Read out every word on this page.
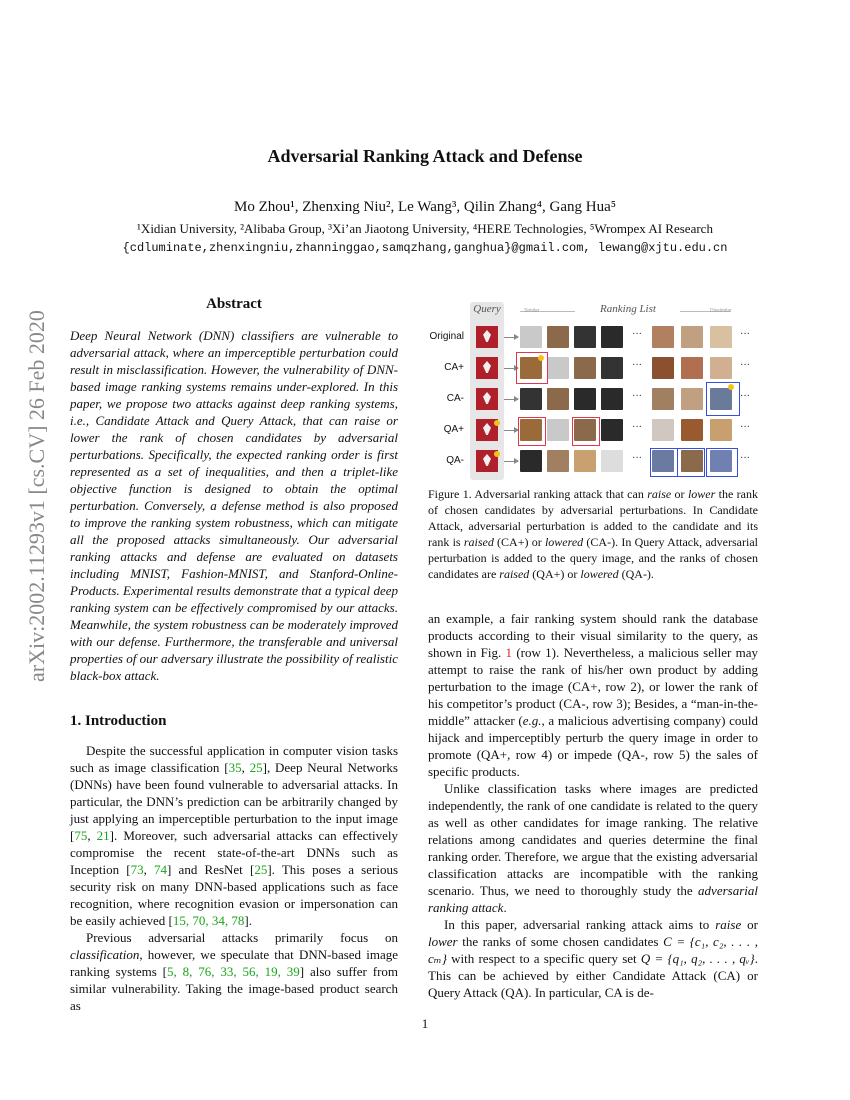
arXiv:2002.11293v1 [cs.CV] 26 Feb 2020
Adversarial Ranking Attack and Defense
Mo Zhou¹, Zhenxing Niu², Le Wang³, Qilin Zhang⁴, Gang Hua⁵
¹Xidian University, ²Alibaba Group, ³Xi’an Jiaotong University, ⁴HERE Technologies, ⁵Wrompex AI Research
{cdluminate,zhenxingniu,zhanninggao,samqzhang,ganghua}@gmail.com, lewang@xjtu.edu.cn
Abstract
Deep Neural Network (DNN) classifiers are vulnerable to adversarial attack, where an imperceptible perturbation could result in misclassification. However, the vulnerability of DNN-based image ranking systems remains under-explored. In this paper, we propose two attacks against deep ranking systems, i.e., Candidate Attack and Query Attack, that can raise or lower the rank of chosen candidates by adversarial perturbations. Specifically, the expected ranking order is first represented as a set of inequalities, and then a triplet-like objective function is designed to obtain the optimal perturbation. Conversely, a defense method is also proposed to improve the ranking system robustness, which can mitigate all the proposed attacks simultaneously. Our adversarial ranking attacks and defense are evaluated on datasets including MNIST, Fashion-MNIST, and Stanford-Online-Products. Experimental results demonstrate that a typical deep ranking system can be effectively compromised by our attacks. Meanwhile, the system robustness can be moderately improved with our defense. Furthermore, the transferable and universal properties of our adversary illustrate the possibility of realistic black-box attack.
1. Introduction

Despite the successful application in computer vision tasks such as image classification [35, 25], Deep Neural Networks (DNNs) have been found vulnerable to adversarial attacks. In particular, the DNN’s prediction can be arbitrarily changed by just applying an imperceptible perturbation to the input image [75, 21]. Moreover, such adversarial attacks can effectively compromise the recent state-of-the-art DNNs such as Inception [73, 74] and ResNet [25]. This poses a serious security risk on many DNN-based applications such as face recognition, where recognition evasion or impersonation can be easily achieved [15, 70, 34, 78].

Previous adversarial attacks primarily focus on classification, however, we speculate that DNN-based image ranking systems [5, 8, 76, 33, 56, 19, 39] also suffer from similar vulnerability. Taking the image-based product search as

Query	Similar	Ranking List	Dissimilar
Original	···	···
CA+	···	···
CA-	···	···
QA+	···	···
QA-	···	···
Figure 1. Adversarial ranking attack that can raise or lower the rank of chosen candidates by adversarial perturbations. In Candidate Attack, adversarial perturbation is added to the candidate and its rank is raised (CA+) or lowered (CA-). In Query Attack, adversarial perturbation is added to the query image, and the ranks of chosen candidates are raised (QA+) or lowered (QA-).

an example, a fair ranking system should rank the database products according to their visual similarity to the query, as shown in Fig. 1 (row 1). Nevertheless, a malicious seller may attempt to raise the rank of his/her own product by adding perturbation to the image (CA+, row 2), or lower the rank of his competitor’s product (CA-, row 3); Besides, a “man-in-the-middle” attacker (e.g., a malicious advertising company) could hijack and imperceptibly perturb the query image in order to promote (QA+, row 4) or impede (QA-, row 5) the sales of specific products.

Unlike classification tasks where images are predicted independently, the rank of one candidate is related to the query as well as other candidates for image ranking. The relative relations among candidates and queries determine the final ranking order. Therefore, we argue that the existing adversarial classification attacks are incompatible with the ranking scenario. Thus, we need to thoroughly study the adversarial ranking attack.

In this paper, adversarial ranking attack aims to raise or lower the ranks of some chosen candidates C = {c₁, c₂, . . . , cₘ} with respect to a specific query set Q = {q₁, q₂, . . . , qᵥ}. This can be achieved by either Candidate Attack (CA) or Query Attack (QA). In particular, CA is de-

1
